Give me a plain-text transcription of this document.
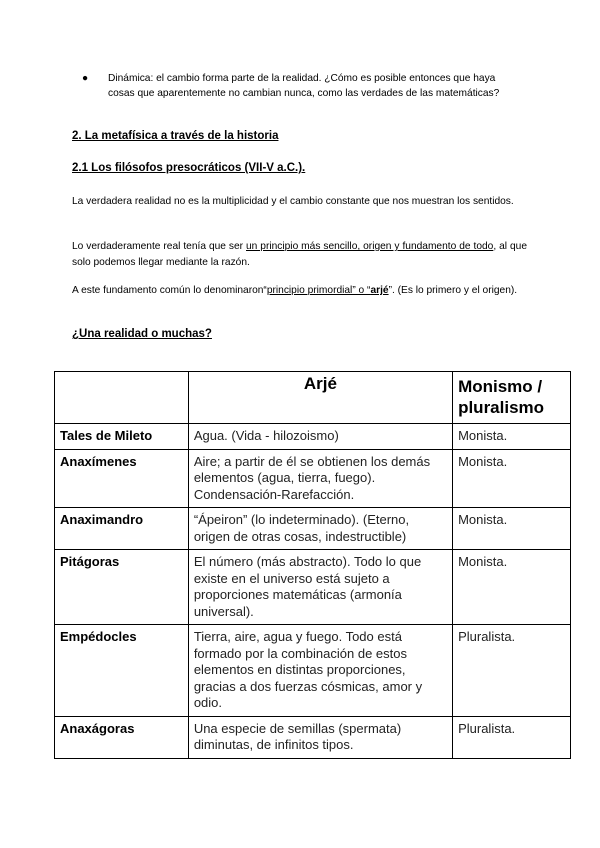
●	Dinámica: el cambio forma parte de la realidad. ¿Cómo es posible entonces que haya cosas que aparentemente no cambian nunca, como las verdades de las matemáticas?
2. La metafísica a través de la historia
2.1 Los filósofos presocráticos (VII-V a.C.).
La verdadera realidad no es la multiplicidad y el cambio constante que nos muestran los sentidos.
Lo verdaderamente real tenía que ser un principio más sencillo, origen y fundamento de todo, al que solo podemos llegar mediante la razón.
A este fundamento común lo denominaron“principio primordial” o “arjé”. (Es lo primero y el origen).
¿Una realidad o muchas?
	Arjé	Monismo / pluralismo
Tales de Mileto	Agua. (Vida - hilozoismo)	Monista.
Anaxímenes	Aire; a partir de él se obtienen los demás elementos (agua, tierra, fuego). Condensación-Rarefacción.	Monista.
Anaximandro	“Ápeiron” (lo indeterminado). (Eterno, origen de otras cosas, indestructible)	Monista.
Pitágoras	El número (más abstracto). Todo lo que existe en el universo está sujeto a proporciones matemáticas (armonía universal).	Monista.
Empédocles	Tierra, aire, agua y fuego. Todo está formado por la combinación de estos elementos en distintas proporciones, gracias a dos fuerzas cósmicas, amor y odio.	Pluralista.
Anaxágoras	Una especie de semillas (spermata) diminutas, de infinitos tipos.	Pluralista.
